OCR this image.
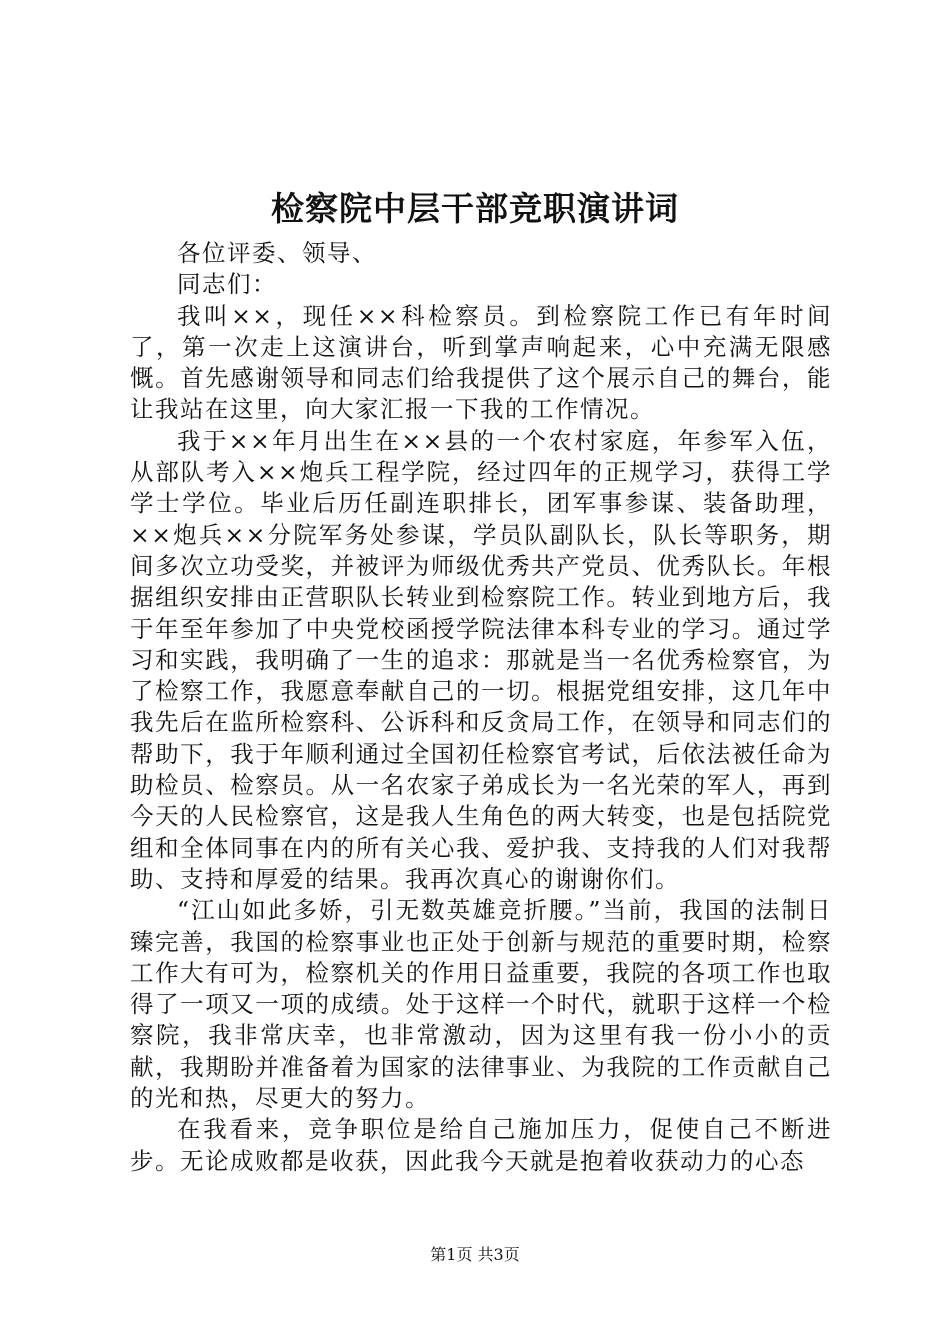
检察院中层干部竞职演讲词

各位评委、领导、

同志们：

我叫××，现任××科检察员。到检察院工作已有年时间了，第一次走上这演讲台，听到掌声响起来，心中充满无限感慨。首先感谢领导和同志们给我提供了这个展示自己的舞台，能让我站在这里，向大家汇报一下我的工作情况。

我于××年月出生在××县的一个农村家庭，年参军入伍，从部队考入××炮兵工程学院，经过四年的正规学习，获得工学学士学位。毕业后历任副连职排长，团军事参谋、装备助理，××炮兵××分院军务处参谋，学员队副队长，队长等职务，期间多次立功受奖，并被评为师级优秀共产党员、优秀队长。年根据组织安排由正营职队长转业到检察院工作。转业到地方后，我于年至年参加了中央党校函授学院法律本科专业的学习。通过学习和实践，我明确了一生的追求：那就是当一名优秀检察官，为了检察工作，我愿意奉献自己的一切。根据党组安排，这几年中我先后在监所检察科、公诉科和反贪局工作，在领导和同志们的帮助下，我于年顺利通过全国初任检察官考试，后依法被任命为助检员、检察员。从一名农家子弟成长为一名光荣的军人，再到今天的人民检察官，这是我人生角色的两大转变，也是包括院党组和全体同事在内的所有关心我、爱护我、支持我的人们对我帮助、支持和厚爱的结果。我再次真心的谢谢你们。

“江山如此多娇，引无数英雄竞折腰。”当前，我国的法制日臻完善，我国的检察事业也正处于创新与规范的重要时期，检察工作大有可为，检察机关的作用日益重要，我院的各项工作也取得了一项又一项的成绩。处于这样一个时代，就职于这样一个检察院，我非常庆幸，也非常激动，因为这里有我一份小小的贡献，我期盼并准备着为国家的法律事业、为我院的工作贡献自己的光和热，尽更大的努力。

在我看来，竞争职位是给自己施加压力，促使自己不断进步。无论成败都是收获，因此我今天就是抱着收获动力的心态

第1页 共3页
